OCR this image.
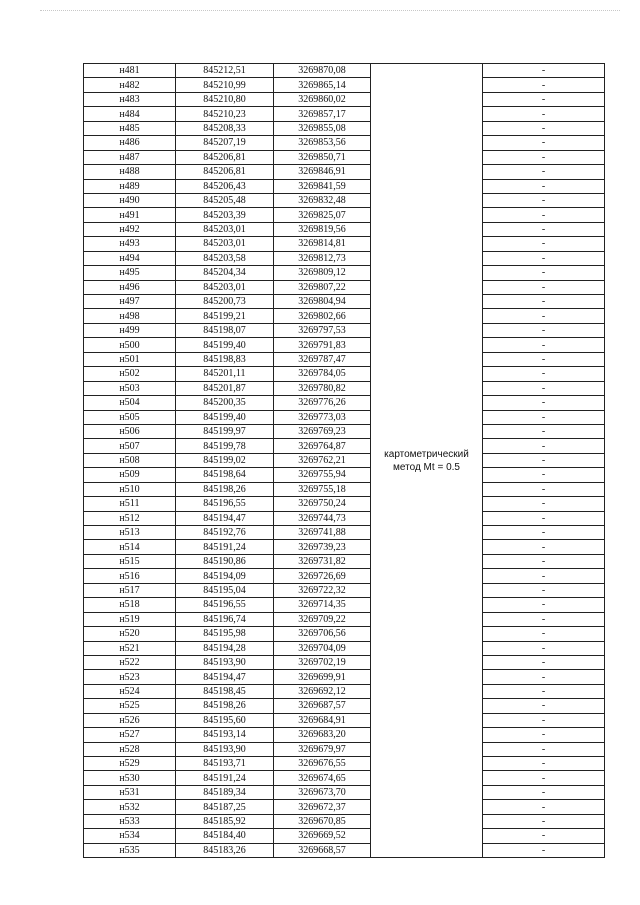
н481	845212,51	3269870,08	картометрический
метод Mt = 0.5	-
н482	845210,99	3269865,14		-
н483	845210,80	3269860,02		-
н484	845210,23	3269857,17		-
н485	845208,33	3269855,08		-
н486	845207,19	3269853,56		-
н487	845206,81	3269850,71		-
н488	845206,81	3269846,91		-
н489	845206,43	3269841,59		-
н490	845205,48	3269832,48		-
н491	845203,39	3269825,07		-
н492	845203,01	3269819,56		-
н493	845203,01	3269814,81		-
н494	845203,58	3269812,73		-
н495	845204,34	3269809,12		-
н496	845203,01	3269807,22		-
н497	845200,73	3269804,94		-
н498	845199,21	3269802,66		-
н499	845198,07	3269797,53		-
н500	845199,40	3269791,83		-
н501	845198,83	3269787,47		-
н502	845201,11	3269784,05		-
н503	845201,87	3269780,82		-
н504	845200,35	3269776,26		-
н505	845199,40	3269773,03		-
н506	845199,97	3269769,23		-
н507	845199,78	3269764,87		-
н508	845199,02	3269762,21		-
н509	845198,64	3269755,94		-
н510	845198,26	3269755,18		-
н511	845196,55	3269750,24		-
н512	845194,47	3269744,73		-
н513	845192,76	3269741,88		-
н514	845191,24	3269739,23		-
н515	845190,86	3269731,82		-
н516	845194,09	3269726,69		-
н517	845195,04	3269722,32		-
н518	845196,55	3269714,35		-
н519	845196,74	3269709,22		-
н520	845195,98	3269706,56		-
н521	845194,28	3269704,09		-
н522	845193,90	3269702,19		-
н523	845194,47	3269699,91		-
н524	845198,45	3269692,12		-
н525	845198,26	3269687,57		-
н526	845195,60	3269684,91		-
н527	845193,14	3269683,20		-
н528	845193,90	3269679,97		-
н529	845193,71	3269676,55		-
н530	845191,24	3269674,65		-
н531	845189,34	3269673,70		-
н532	845187,25	3269672,37		-
н533	845185,92	3269670,85		-
н534	845184,40	3269669,52		-
н535	845183,26	3269668,57		-
